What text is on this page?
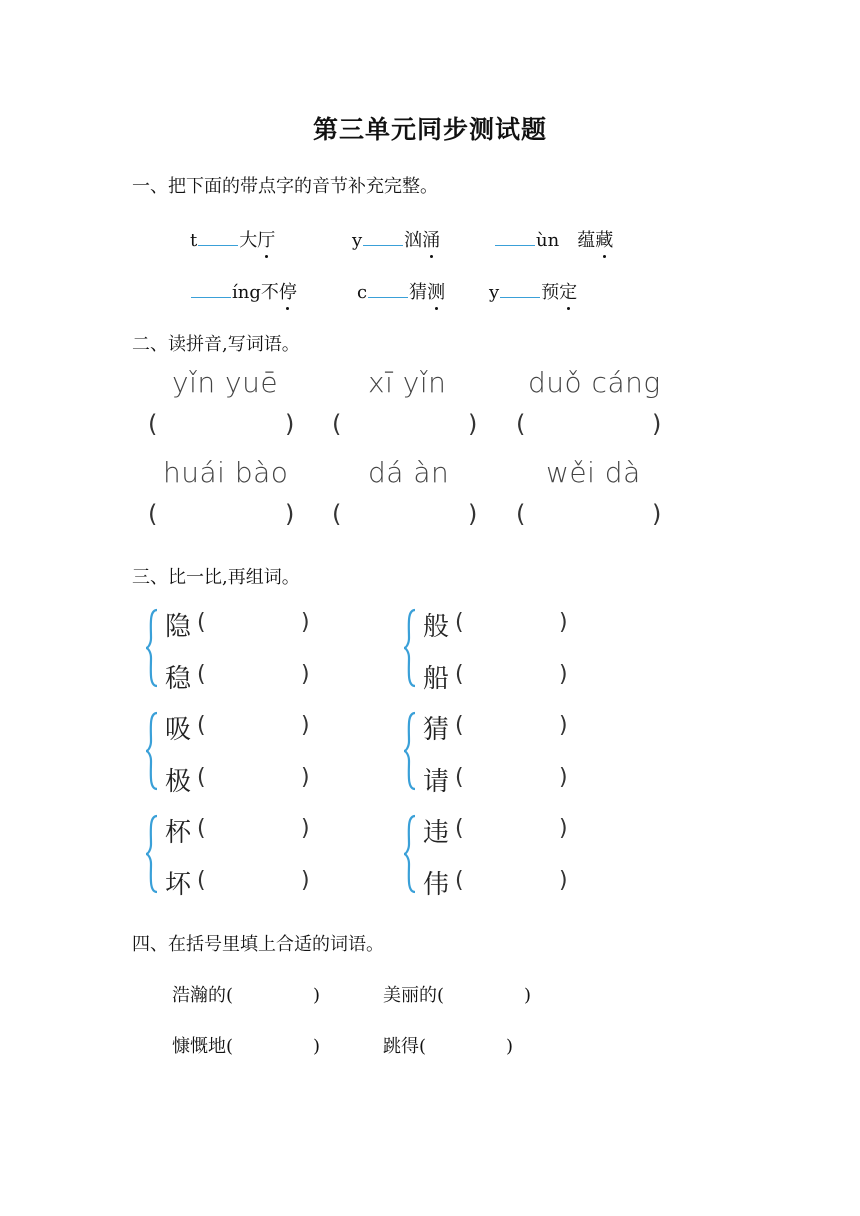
第三单元同步测试题
一、把下面的带点字的音节补充完整。
t 大厅	y 汹涌	ùn 蕴藏
íng不停	c 猜测 y 预定
二、读拼音,写词语。
yǐn yuē	xī yǐn	duǒ cáng
(	) (	) (	)
huái bào	dá àn	wěi dà
(	) (	) (	)
三、比一比,再组词。
隐 (	)
稳 (	)
吸 (	)
极 (	)
杯 (	)
坏 (	)
般 (	)
船 (	)
猜 (	)
请 (	)
违 (	)
伟 (	)
四、在括号里填上合适的词语。
浩瀚的(	)	美丽的(	)
慷慨地(	)	跳得(	)
